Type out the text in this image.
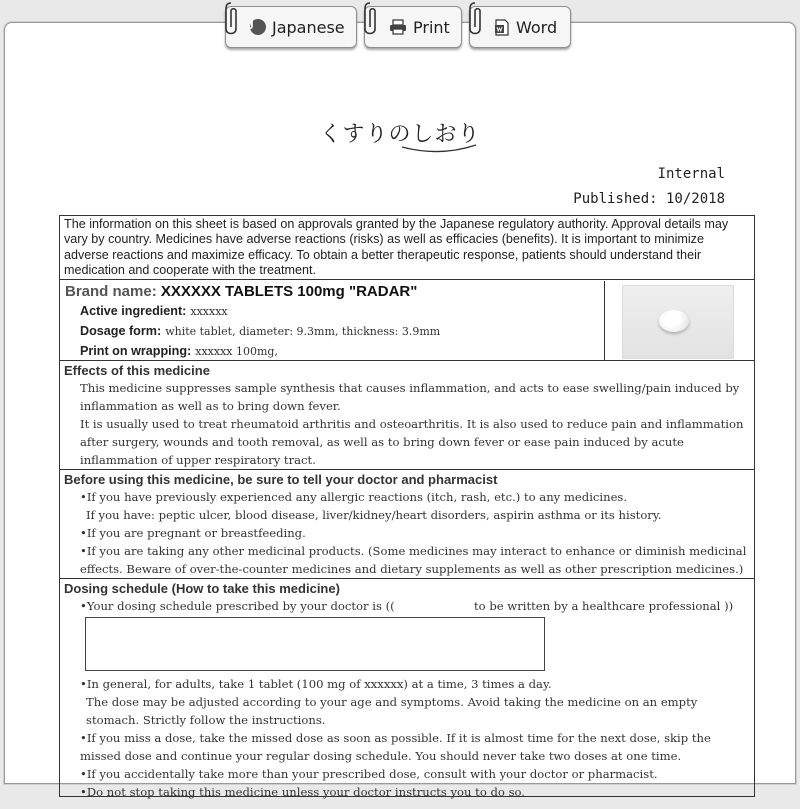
くすりのしおり
Internal
Published: 10/2018
The information on this sheet is based on approvals granted by the Japanese regulatory authority. Approval details may vary by country. Medicines have adverse reactions (risks) as well as efficacies (benefits). It is important to minimize adverse reactions and maximize efficacy. To obtain a better therapeutic response, patients should understand their medication and cooperate with the treatment.
Brand name: XXXXXX TABLETS 100mg "RADAR"
Active ingredient: xxxxxx
Dosage form: white tablet, diameter: 9.3mm, thickness: 3.9mm
Print on wrapping: xxxxxx 100mg,
Effects of this medicine
This medicine suppresses sample synthesis that causes inflammation, and acts to ease swelling/pain induced by inflammation as well as to bring down fever.
It is usually used to treat rheumatoid arthritis and osteoarthritis. It is also used to reduce pain and inflammation after surgery, wounds and tooth removal, as well as to bring down fever or ease pain induced by acute inflammation of upper respiratory tract.
Before using this medicine, be sure to tell your doctor and pharmacist
•If you have previously experienced any allergic reactions (itch, rash, etc.) to any medicines.
If you have: peptic ulcer, blood disease, liver/kidney/heart disorders, aspirin asthma or its history.
•If you are pregnant or breastfeeding.
•If you are taking any other medicinal products. (Some medicines may interact to enhance or diminish medicinal effects. Beware of over-the-counter medicines and dietary supplements as well as other prescription medicines.)
Dosing schedule (How to take this medicine)
•Your dosing schedule prescribed by your doctor is ((	to be written by a healthcare professional ))
•In general, for adults, take 1 tablet (100 mg of xxxxxx) at a time, 3 times a day.
The dose may be adjusted according to your age and symptoms. Avoid taking the medicine on an empty stomach. Strictly follow the instructions.
•If you miss a dose, take the missed dose as soon as possible. If it is almost time for the next dose, skip the missed dose and continue your regular dosing schedule. You should never take two doses at one time.
•If you accidentally take more than your prescribed dose, consult with your doctor or pharmacist.
•Do not stop taking this medicine unless your doctor instructs you to do so.
J	Japanese	Print	Word
